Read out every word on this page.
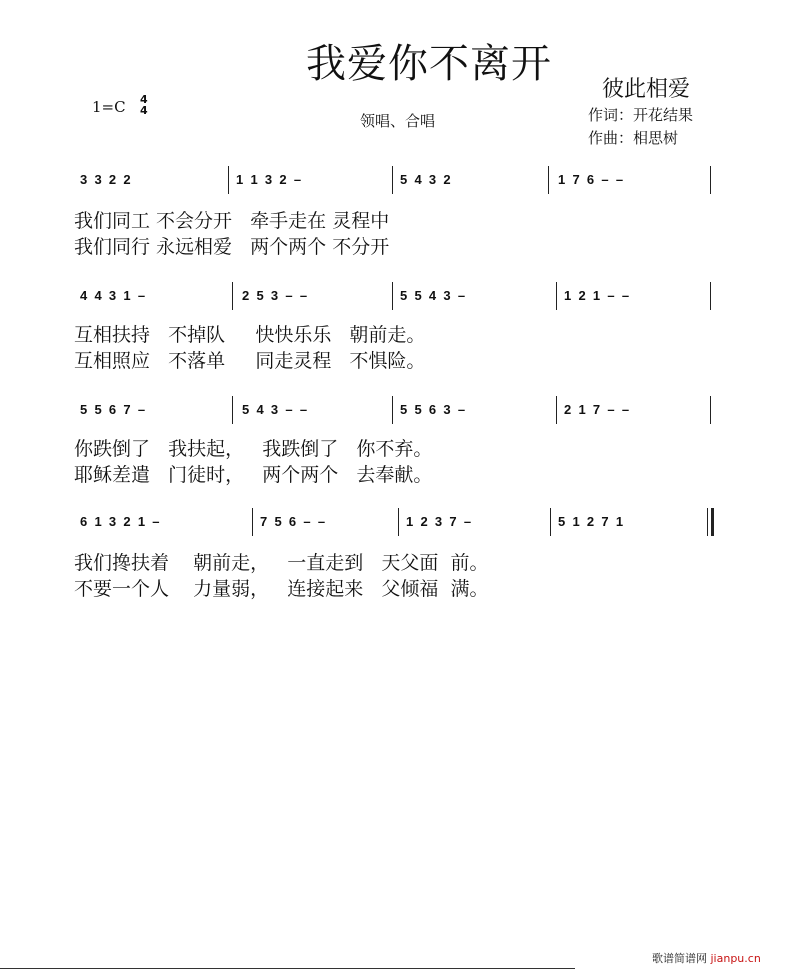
我爱你不离开
彼此相爱
作词：开花结果
作曲：相思树
1=C 4
4
领唱、合唱
3  3  2  2	1  1  3  2  –	5  4  3  2	1  7  6  –  –
我们同工 不会分开   牵手走在 灵程中
我们同行 永远相爱   两个两个 不分开
4  4  3  1  –	2  5  3  –  –	5  5  4  3  –	1  2  1  –  –
互相扶持   不掉队     快快乐乐   朝前走。
互相照应   不落单     同走灵程   不惧险。
5  5  6  7  –	5  4  3  –  –	5  5  6  3  –	2  1  7  –  –
你跌倒了   我扶起，   我跌倒了   你不弃。
耶稣差遣   门徒时，   两个两个   去奉献。
6  1  3  2  1  –	7  5  6  –  –	1  2  3  7  –	5  1  2  7  1
我们搀扶着    朝前走，   一直走到   天父面  前。
不要一个人    力量弱，   连接起来   父倾福  满。
歌谱简谱网 jianpu.cn
